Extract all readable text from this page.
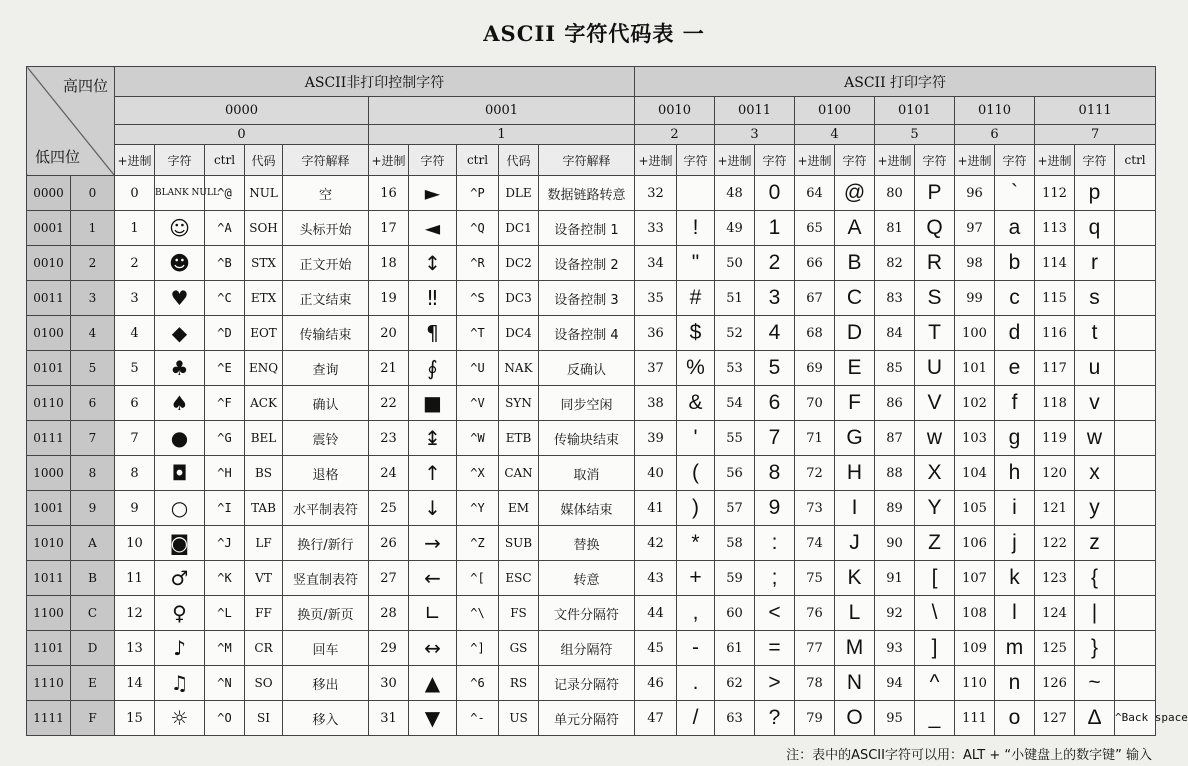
ASCII 字符代码表 一
高四位
低四位		ASCII非打印控制字符										ASCII 打印字符												
		0000					0001					0010		0011		0100		0101		0110		0111		
		0					1					2		3		4		5		6		7		
		+进制	字符	ctrl	代码	字符解释	+进制	字符	ctrl	代码	字符解释	+进制	字符	+进制	字符	+进制	字符	+进制	字符	+进制	字符	+进制	字符	ctrl
0000	0	0	BLANK NULL	^@	NUL	空	16	►	^P	DLE	数据链路转意	32		48	0	64	@	80	P	96	`	112	p	
0001	1	1	☺	^A	SOH	头标开始	17	◄	^Q	DC1	设备控制 1	33	!	49	1	65	A	81	Q	97	a	113	q	
0010	2	2	☻	^B	STX	正文开始	18	↕	^R	DC2	设备控制 2	34	"	50	2	66	B	82	R	98	b	114	r	
0011	3	3	♥	^C	ETX	正文结束	19	‼	^S	DC3	设备控制 3	35	#	51	3	67	C	83	S	99	c	115	s	
0100	4	4	◆	^D	EOT	传输结束	20	¶	^T	DC4	设备控制 4	36	$	52	4	68	D	84	T	100	d	116	t	
0101	5	5	♣	^E	ENQ	查询	21	∮	^U	NAK	反确认	37	%	53	5	69	E	85	U	101	e	117	u	
0110	6	6	♠	^F	ACK	确认	22	■	^V	SYN	同步空闲	38	&	54	6	70	F	86	V	102	f	118	v	
0111	7	7	●	^G	BEL	震铃	23	↨	^W	ETB	传输块结束	39	'	55	7	71	G	87	w	103	g	119	w	
1000	8	8	◘	^H	BS	退格	24	↑	^X	CAN	取消	40	(	56	8	72	H	88	X	104	h	120	x	
1001	9	9	○	^I	TAB	水平制表符	25	↓	^Y	EM	媒体结束	41	)	57	9	73	I	89	Y	105	i	121	y	
1010	A	10	◙	^J	LF	换行/新行	26	→	^Z	SUB	替换	42	*	58	:	74	J	90	Z	106	j	122	z	
1011	B	11	♂	^K	VT	竖直制表符	27	←	^[	ESC	转意	43	+	59	;	75	K	91	[	107	k	123	{	
1100	C	12	♀	^L	FF	换页/新页	28	∟	^\	FS	文件分隔符	44	,	60	<	76	L	92	\	108	l	124	|	
1101	D	13	♪	^M	CR	回车	29	↔	^]	GS	组分隔符	45	-	61	=	77	M	93	]	109	m	125	}	
1110	E	14	♫	^N	SO	移出	30	▲	^6	RS	记录分隔符	46	.	62	>	78	N	94	^	110	n	126	~	
1111	F	15	☼	^O	SI	移入	31	▼	^-	US	单元分隔符	47	/	63	?	79	O	95	_	111	o	127	∆	^Back space
注：表中的ASCII字符可以用：ALT + “小键盘上的数字键” 输入
